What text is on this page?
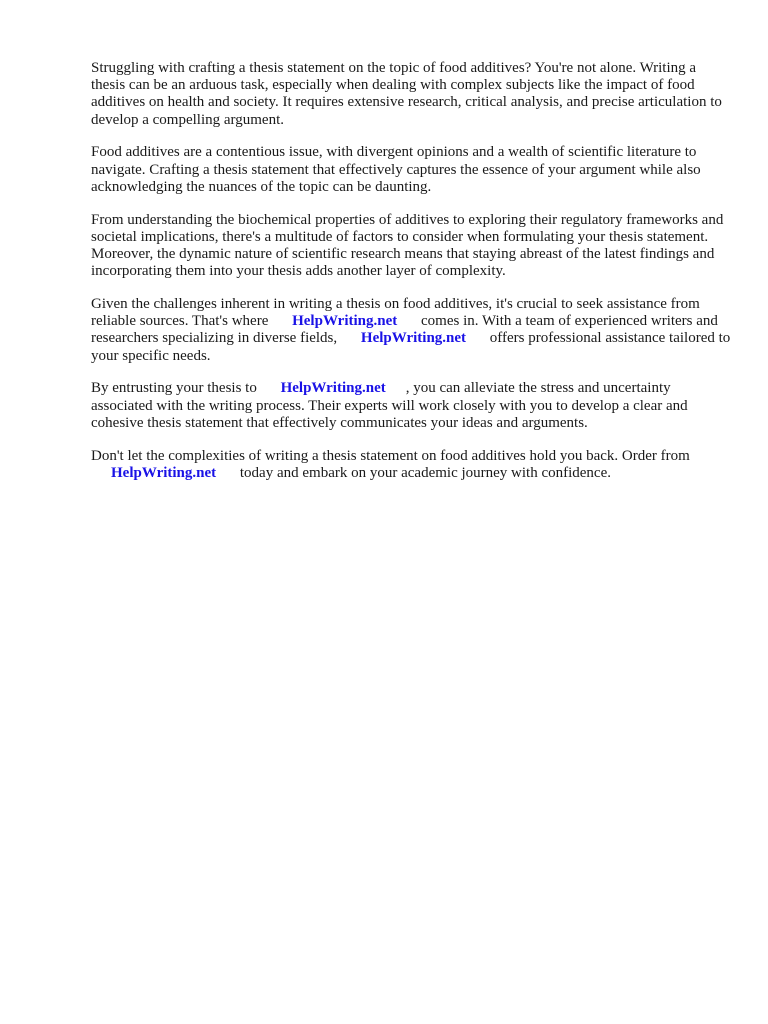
Struggling with crafting a thesis statement on the topic of food additives? You're not alone. Writing a thesis can be an arduous task, especially when dealing with complex subjects like the impact of food additives on health and society. It requires extensive research, critical analysis, and precise articulation to develop a compelling argument.

Food additives are a contentious issue, with divergent opinions and a wealth of scientific literature to navigate. Crafting a thesis statement that effectively captures the essence of your argument while also acknowledging the nuances of the topic can be daunting.

From understanding the biochemical properties of additives to exploring their regulatory frameworks and societal implications, there's a multitude of factors to consider when formulating your thesis statement. Moreover, the dynamic nature of scientific research means that staying abreast of the latest findings and incorporating them into your thesis adds another layer of complexity.

Given the challenges inherent in writing a thesis on food additives, it's crucial to seek assistance from reliable sources. That's where HelpWriting.net comes in. With a team of experienced writers and researchers specializing in diverse fields, HelpWriting.net offers professional assistance tailored to your specific needs.

By entrusting your thesis to HelpWriting.net , you can alleviate the stress and uncertainty associated with the writing process. Their experts will work closely with you to develop a clear and cohesive thesis statement that effectively communicates your ideas and arguments.

Don't let the complexities of writing a thesis statement on food additives hold you back. Order from HelpWriting.net today and embark on your academic journey with confidence.
